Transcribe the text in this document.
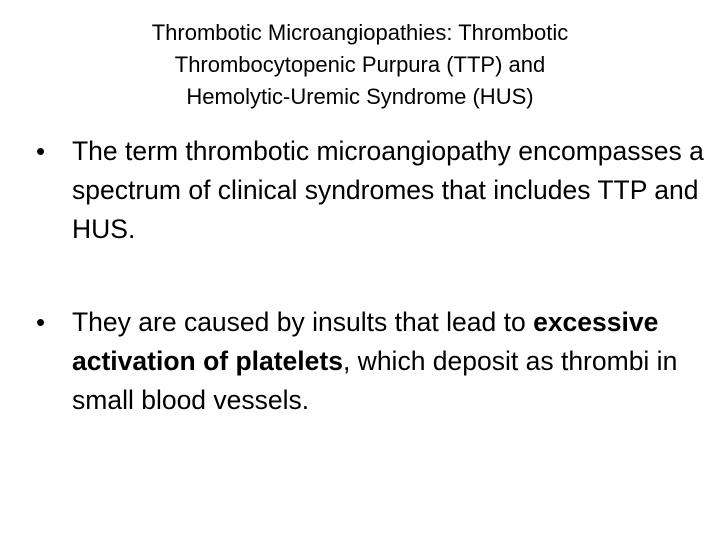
Thrombotic Microangiopathies: Thrombotic
Thrombocytopenic Purpura (TTP) and
Hemolytic-Uremic Syndrome (HUS)
•	The term thrombotic microangiopathy encompasses a spectrum of clinical syndromes that includes TTP and HUS.
•	They are caused by insults that lead to excessive activation of platelets, which deposit as thrombi in small blood vessels.
